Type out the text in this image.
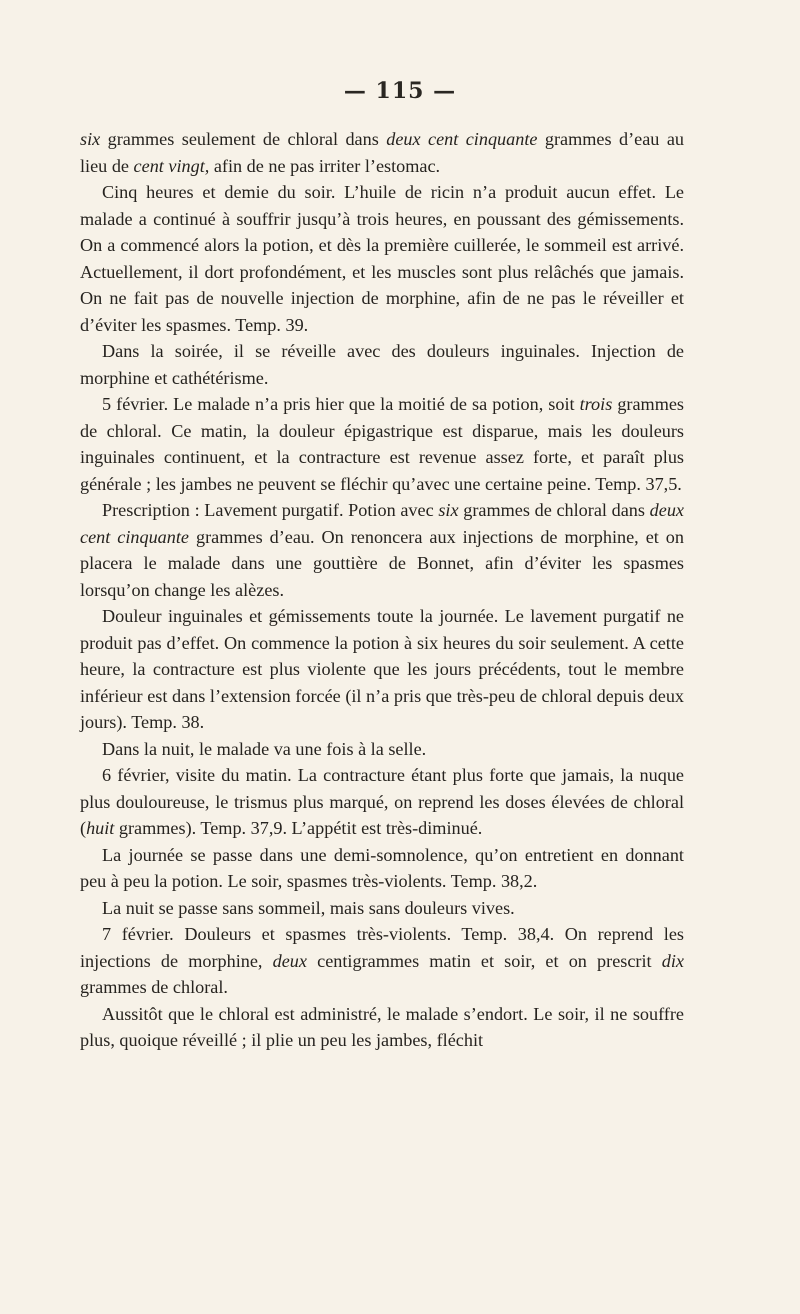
— 115 —

six grammes seulement de chloral dans deux cent cinquante grammes d’eau au lieu de cent vingt, afin de ne pas irriter l’estomac.

Cinq heures et demie du soir. L’huile de ricin n’a produit aucun effet. Le malade a continué à souffrir jusqu’à trois heures, en poussant des gémissements. On a commencé alors la potion, et dès la première cuillerée, le sommeil est arrivé. Actuellement, il dort profondément, et les muscles sont plus relâchés que jamais. On ne fait pas de nouvelle injection de morphine, afin de ne pas le réveiller et d’éviter les spasmes. Temp. 39.

Dans la soirée, il se réveille avec des douleurs inguinales. Injection de morphine et cathétérisme.

5 février. Le malade n’a pris hier que la moitié de sa potion, soit trois grammes de chloral. Ce matin, la douleur épigastrique est disparue, mais les douleurs inguinales continuent, et la contracture est revenue assez forte, et paraît plus générale ; les jambes ne peuvent se fléchir qu’avec une certaine peine. Temp. 37,5.

Prescription : Lavement purgatif. Potion avec six grammes de chloral dans deux cent cinquante grammes d’eau. On renoncera aux injections de morphine, et on placera le malade dans une gouttière de Bonnet, afin d’éviter les spasmes lorsqu’on change les alèzes.

Douleur inguinales et gémissements toute la journée. Le lavement purgatif ne produit pas d’effet. On commence la potion à six heures du soir seulement. A cette heure, la contracture est plus violente que les jours précédents, tout le membre inférieur est dans l’extension forcée (il n’a pris que très-peu de chloral depuis deux jours). Temp. 38.

Dans la nuit, le malade va une fois à la selle.

6 février, visite du matin. La contracture étant plus forte que jamais, la nuque plus douloureuse, le trismus plus marqué, on reprend les doses élevées de chloral (huit grammes). Temp. 37,9. L’appétit est très-diminué.

La journée se passe dans une demi-somnolence, qu’on entretient en donnant peu à peu la potion. Le soir, spasmes très-violents. Temp. 38,2.

La nuit se passe sans sommeil, mais sans douleurs vives.

7 février. Douleurs et spasmes très-violents. Temp. 38,4. On reprend les injections de morphine, deux centigrammes matin et soir, et on prescrit dix grammes de chloral.

Aussitôt que le chloral est administré, le malade s’endort. Le soir, il ne souffre plus, quoique réveillé ; il plie un peu les jambes, fléchit
